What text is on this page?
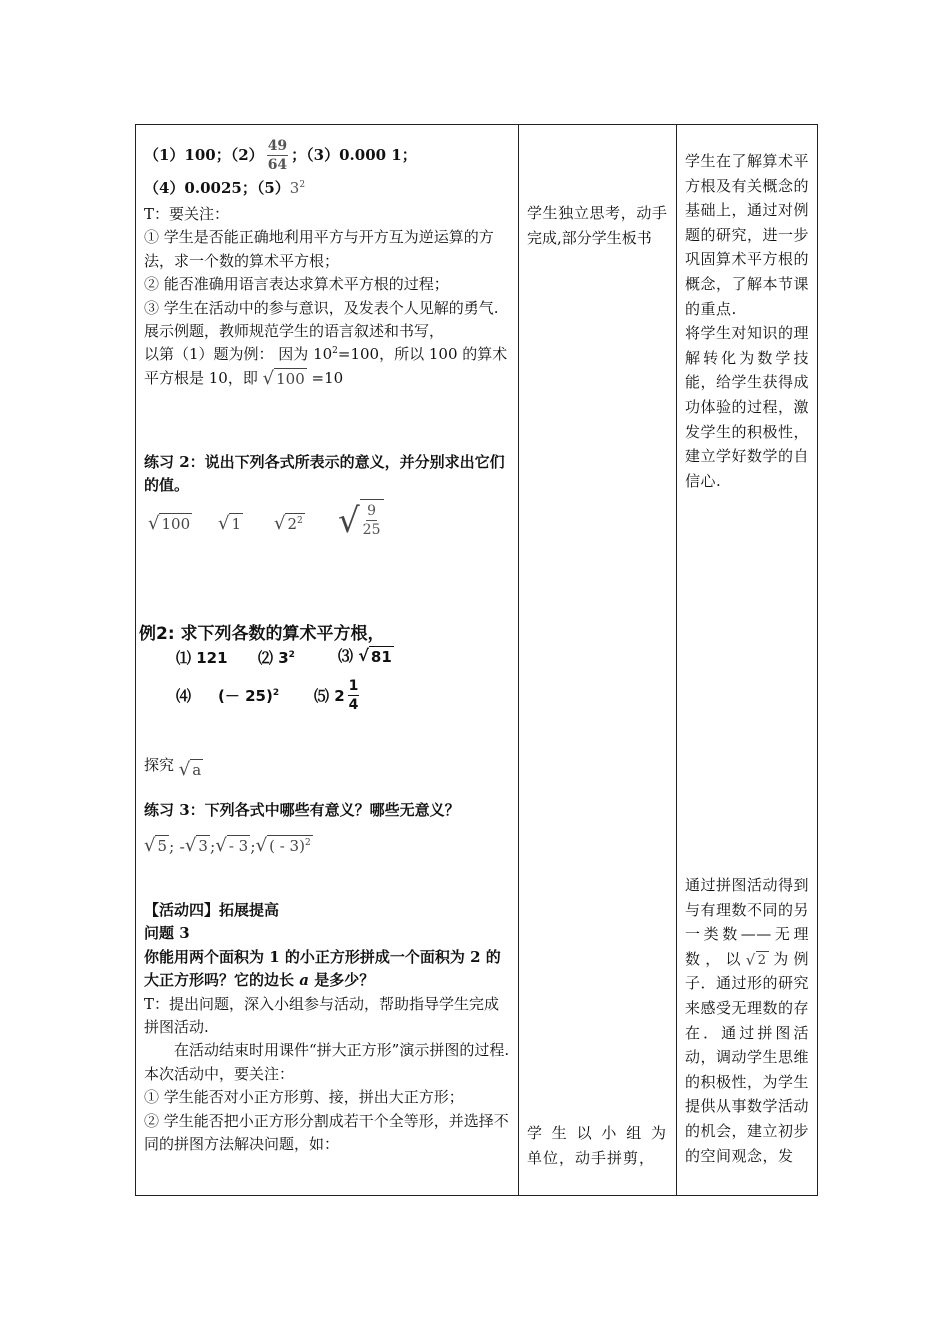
（1）100；$(2) \frac{49}{64}$ ；（3）0.000 1；
（4）0.0025；$(5)3^2$

T：要关注：

① 学生是否能正确地利用平方与开方互为逆运算的方法，求一个数的算术平方根；

② 能否准确用语言表达求算术平方根的过程；

③ 学生在活动中的参与意识，及发表个人见解的勇气.

展示例题，教师规范学生的语言叙述和书写，

以第（1）题为例： 因为 $10^2=100$，所以 100 的算术

平方根是 10，即 √ 100 =10

练习 2：说出下列各式所表示的意义，并分别求出它们的值。
√ 100 √ 1 √ $2^2$ √ $\frac{9}{25}$
例2: 求下列各数的算术平方根，
⑴ 121 ⑵ $3^2$	⑶ √ 81
⑷ (－ 25)$^2$ ⑸ $2 \frac{1}{4}$
探究 √ a
练习 3：下列各式中哪些有意义？哪些无意义？
√ 5 ; - √ 3 ; √ - 3 ; √ ( - 3)$^2$

【活动四】拓展提高

问题 3

你能用两个面积为 1 的小正方形拼成一个面积为 2 的大正方形吗？它的边长 a 是多少？

T：提出问题，深入小组参与活动，帮助指导学生完成拼图活动.

在活动结束时用课件“拼大正方形”演示拼图的过程.

本次活动中，要关注：

① 学生能否对小正方形剪、接，拼出大正方形；

② 学生能否把小正方形分割成若干个全等形，并选择不同的拼图方法解决问题，如：

学生独立思考，动手完成,部分学生板书

学 生 以 小 组 为 单位，动手拼剪，

学生在了解算术平方根及有关概念的基础上，通过对例题的研究，进一步巩固算术平方根的概念，了解本节课的重点.

将学生对知识的理解转化为数学技能，给学生获得成功体验的过程，激发学生的积极性，建立学好数学的自信心.

通过拼图活动得到与有理数不同的另一类数——无理数，以 √ 2 为例子．通过形的研究来感受无理数的存在．通过拼图活动，调动学生思维的积极性，为学生提供从事数学活动的机会，建立初步的空间观念，发
